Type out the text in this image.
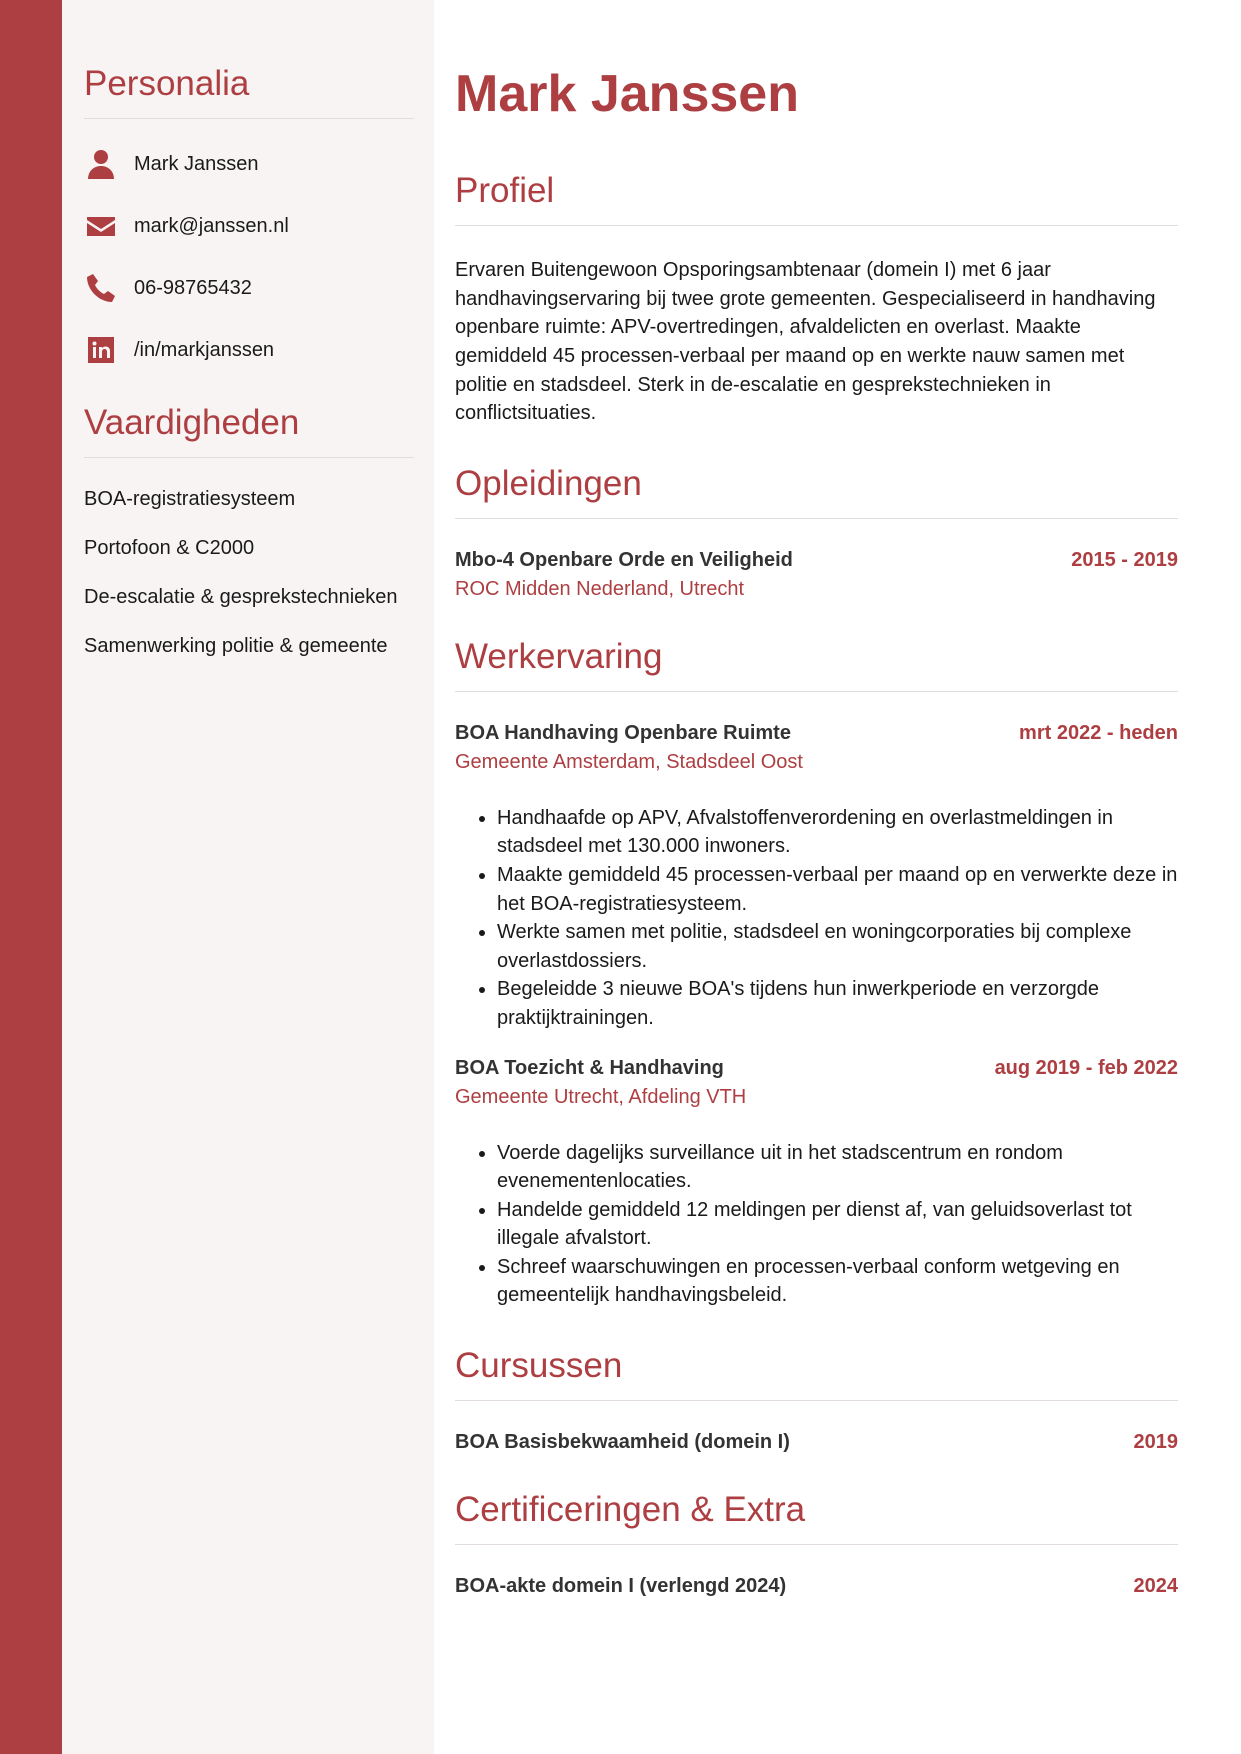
Personalia
Mark Janssen
mark@janssen.nl
06-98765432
/in/markjanssen
Vaardigheden
BOA-registratiesysteem
Portofoon & C2000
De-escalatie & gesprekstechnieken
Samenwerking politie & gemeente
Mark Janssen
Profiel

Ervaren Buitengewoon Opsporingsambtenaar (domein I) met 6 jaar handhavingservaring bij twee grote gemeenten. Gespecialiseerd in handhaving openbare ruimte: APV-overtredingen, afvaldelicten en overlast. Maakte gemiddeld 45 processen-verbaal per maand op en werkte nauw samen met politie en stadsdeel. Sterk in de-escalatie en gesprekstechnieken in conflictsituaties.

Opleidingen
Mbo-4 Openbare Orde en Veiligheid	2015 - 2019
ROC Midden Nederland, Utrecht
Werkervaring
BOA Handhaving Openbare Ruimte	mrt 2022 - heden
Gemeente Amsterdam, Stadsdeel Oost
• Handhaafde op APV, Afvalstoffenverordening en overlastmeldingen in stadsdeel met 130.000 inwoners.
• Maakte gemiddeld 45 processen-verbaal per maand op en verwerkte deze in het BOA-registratiesysteem.
• Werkte samen met politie, stadsdeel en woningcorporaties bij complexe overlastdossiers.
• Begeleidde 3 nieuwe BOA's tijdens hun inwerkperiode en verzorgde praktijktrainingen.
BOA Toezicht & Handhaving	aug 2019 - feb 2022
Gemeente Utrecht, Afdeling VTH
• Voerde dagelijks surveillance uit in het stadscentrum en rondom evenementenlocaties.
• Handelde gemiddeld 12 meldingen per dienst af, van geluidsoverlast tot illegale afvalstort.
• Schreef waarschuwingen en processen-verbaal conform wetgeving en gemeentelijk handhavingsbeleid.
Cursussen
BOA Basisbekwaamheid (domein I)	2019
Certificeringen & Extra
BOA-akte domein I (verlengd 2024)	2024
